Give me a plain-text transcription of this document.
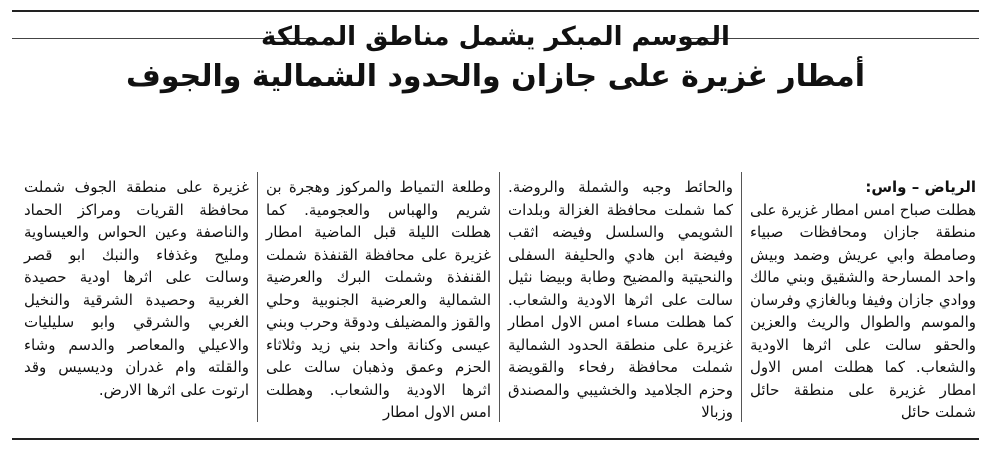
الموسم المبكر يشمل مناطق المملكة
أمطار غزيرة على جازان والحدود الشمالية والجوف
الرياض – واس:
هطلت صباح امس امطار غزيرة على منطقة جازان ومحافظات صبياء وصامطة وابي عريش وضمد وبيش واحد المسارحة والشقيق وبني مالك ووادي جازان وفيفا وبالغازي وفرسان والموسم والطوال والريث والعزين والحقو سالت على اثرها الاودية والشعاب. كما هطلت امس الاول امطار غزيرة على منطقة حائل شملت حائل
والحائط وجبه والشملة والروضة. كما شملت محافظة الغزالة وبلدات الشويمي والسلسل وفيضه اثقب وفيضة ابن هادي والحليفة السفلى والنحيتية والمضيح وطابة وبيضا نثيل سالت على اثرها الاودية والشعاب. كما هطلت مساء امس الاول امطار غزيرة على منطقة الحدود الشمالية شملت محافظة رفحاء والقويضة وحزم الجلاميد والخشيبي والمصندق وزبالا
وطلعة التمياط والمركوز وهجرة بن شريم والهباس والعجومية. كما هطلت الليلة قبل الماضية امطار غزيرة على محافظة القنفذة شملت القنفذة وشملت البرك والعرضية الشمالية والعرضية الجنوبية وحلي والقوز والمضيلف ودوقة وحرب وبني عيسى وكنانة واحد بني زيد وثلاثاء الحزم وعمق وذهبان سالت على اثرها الاودية والشعاب. وهطلت امس الاول امطار
غزيرة على منطقة الجوف شملت محافظة القريات ومراكز الحماد والناصفة وعين الحواس والعيساوية ومليح وغذفاء والنبك ابو قصر وسالت على اثرها اودية حصيدة الغربية وحصيدة الشرقية والنخيل الغربي والشرقي وابو سليليات والاعيلي والمعاصر والدسم وشاء والقلته وام غدران وديسيس وقد ارتوت على اثرها الارض.
